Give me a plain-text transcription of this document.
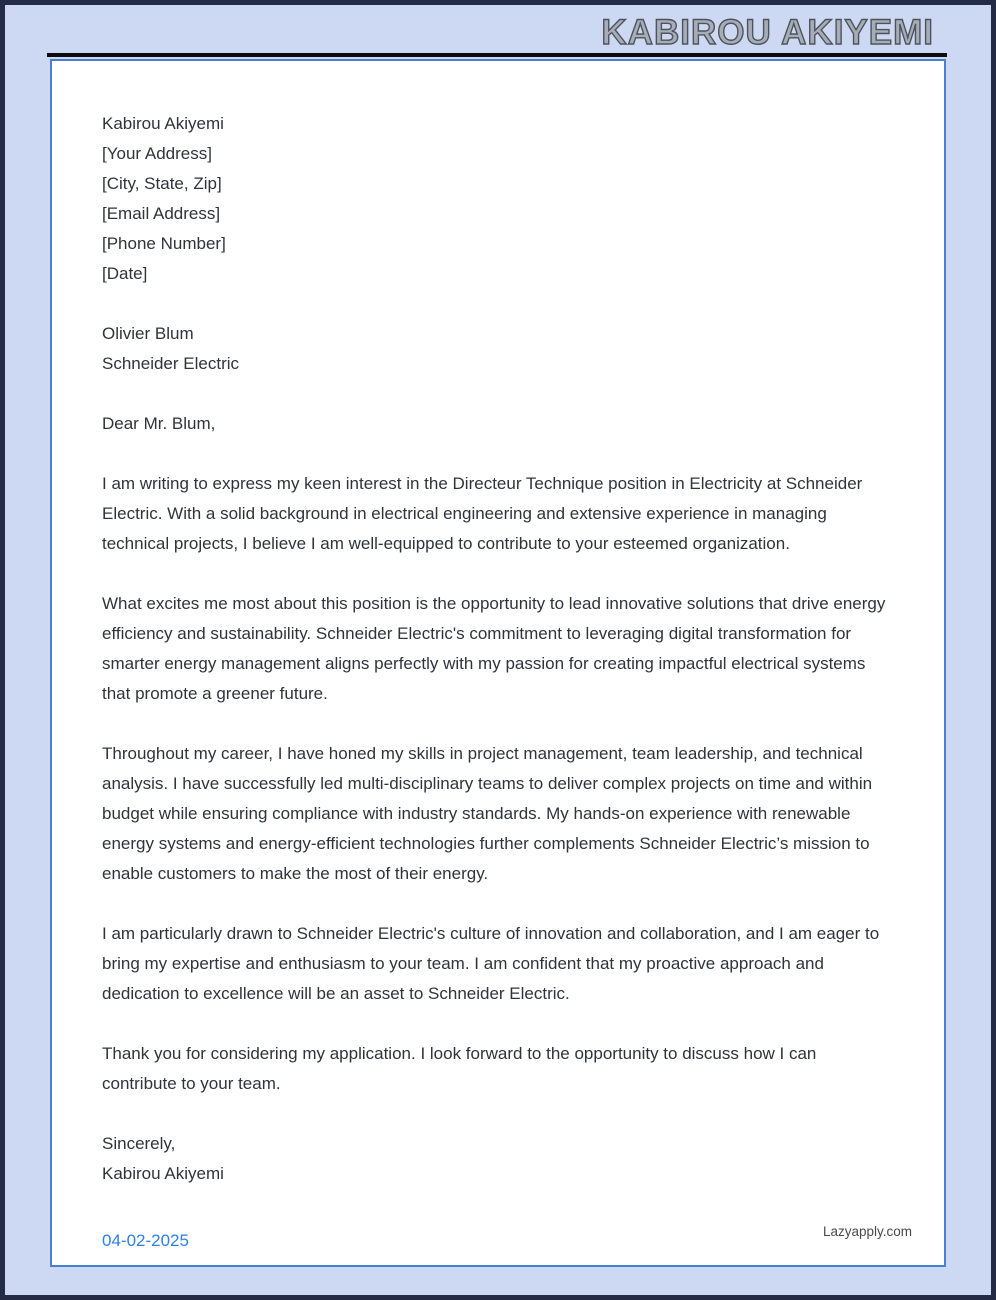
KABIROU AKIYEMI
Kabirou Akiyemi
[Your Address]
[City, State, Zip]
[Email Address]
[Phone Number]
[Date]
Olivier Blum
Schneider Electric
Dear Mr. Blum,

I am writing to express my keen interest in the Directeur Technique position in Electricity at Schneider Electric. With a solid background in electrical engineering and extensive experience in managing technical projects, I believe I am well-equipped to contribute to your esteemed organization.

What excites me most about this position is the opportunity to lead innovative solutions that drive energy efficiency and sustainability. Schneider Electric's commitment to leveraging digital transformation for smarter energy management aligns perfectly with my passion for creating impactful electrical systems that promote a greener future.

Throughout my career, I have honed my skills in project management, team leadership, and technical analysis. I have successfully led multi-disciplinary teams to deliver complex projects on time and within budget while ensuring compliance with industry standards. My hands-on experience with renewable energy systems and energy-efficient technologies further complements Schneider Electric’s mission to enable customers to make the most of their energy.

I am particularly drawn to Schneider Electric's culture of innovation and collaboration, and I am eager to bring my expertise and enthusiasm to your team. I am confident that my proactive approach and dedication to excellence will be an asset to Schneider Electric.

Thank you for considering my application. I look forward to the opportunity to discuss how I can contribute to your team.

Sincerely,
Kabirou Akiyemi
04-02-2025	Lazyapply.com
